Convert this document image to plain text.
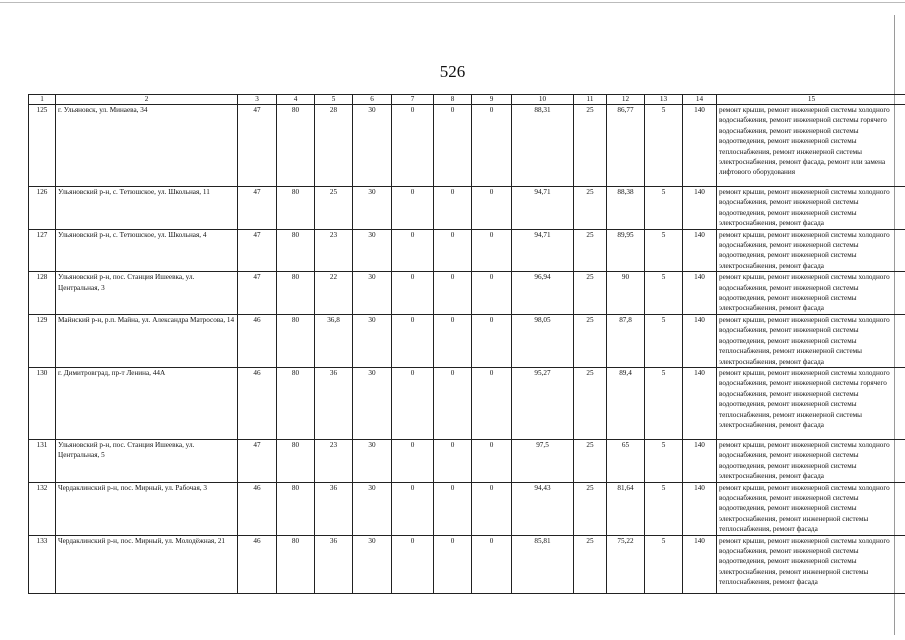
526
1	2	3	4	5	6	7	8	9	10	11	12	13	14	15
125	г. Ульяновск, ул. Минаева, 34	47	80	28	30	0	0	0	88,31	25	86,77	5	140	ремонт крыши, ремонт инженерной системы холодного водоснабжения, ремонт инженерной системы горячего водоснабжения, ремонт инженерной системы водоотведения, ремонт инженерной системы теплоснабжения, ремонт инженерной системы электроснабжения, ремонт фасада, ремонт или замена лифтового оборудования
126	Ульяновский р-н, с. Тетюшское, ул. Школьная, 11	47	80	25	30	0	0	0	94,71	25	88,38	5	140	ремонт крыши, ремонт инженерной системы холодного водоснабжения, ремонт инженерной системы водоотведения, ремонт инженерной системы электроснабжения, ремонт фасада
127	Ульяновский р-н, с. Тетюшское, ул. Школьная, 4	47	80	23	30	0	0	0	94,71	25	89,95	5	140	ремонт крыши, ремонт инженерной системы холодного водоснабжения, ремонт инженерной системы водоотведения, ремонт инженерной системы электроснабжения, ремонт фасада
128	Ульяновский р-н, пос. Станция Ишеевка, ул. Центральная, 3	47	80	22	30	0	0	0	96,94	25	90	5	140	ремонт крыши, ремонт инженерной системы холодного водоснабжения, ремонт инженерной системы водоотведения, ремонт инженерной системы электроснабжения, ремонт фасада
129	Майнский р-н, р.п. Майна, ул. Александра Матросова, 14	46	80	36,8	30	0	0	0	98,05	25	87,8	5	140	ремонт крыши, ремонт инженерной системы холодного водоснабжения, ремонт инженерной системы водоотведения, ремонт инженерной системы теплоснабжения, ремонт инженерной системы электроснабжения, ремонт фасада
130	г. Димитровград, пр-т Ленина, 44А	46	80	36	30	0	0	0	95,27	25	89,4	5	140	ремонт крыши, ремонт инженерной системы холодного водоснабжения, ремонт инженерной системы горячего водоснабжения, ремонт инженерной системы водоотведения, ремонт инженерной системы теплоснабжения, ремонт инженерной системы электроснабжения, ремонт фасада
131	Ульяновский р-н, пос. Станция Ишеевка, ул. Центральная, 5	47	80	23	30	0	0	0	97,5	25	65	5	140	ремонт крыши, ремонт инженерной системы холодного водоснабжения, ремонт инженерной системы водоотведения, ремонт инженерной системы электроснабжения, ремонт фасада
132	Чердаклинский р-н, пос. Мирный, ул. Рабочая, 3	46	80	36	30	0	0	0	94,43	25	81,64	5	140	ремонт крыши, ремонт инженерной системы холодного водоснабжения, ремонт инженерной системы водоотведения, ремонт инженерной системы электроснабжения, ремонт инженерной системы теплоснабжения, ремонт фасада
133	Чердаклинский р-н, пос. Мирный, ул. Молодёжная, 21	46	80	36	30	0	0	0	85,81	25	75,22	5	140	ремонт крыши, ремонт инженерной системы холодного водоснабжения, ремонт инженерной системы водоотведения, ремонт инженерной системы электроснабжения, ремонт инженерной системы теплоснабжения, ремонт фасада
